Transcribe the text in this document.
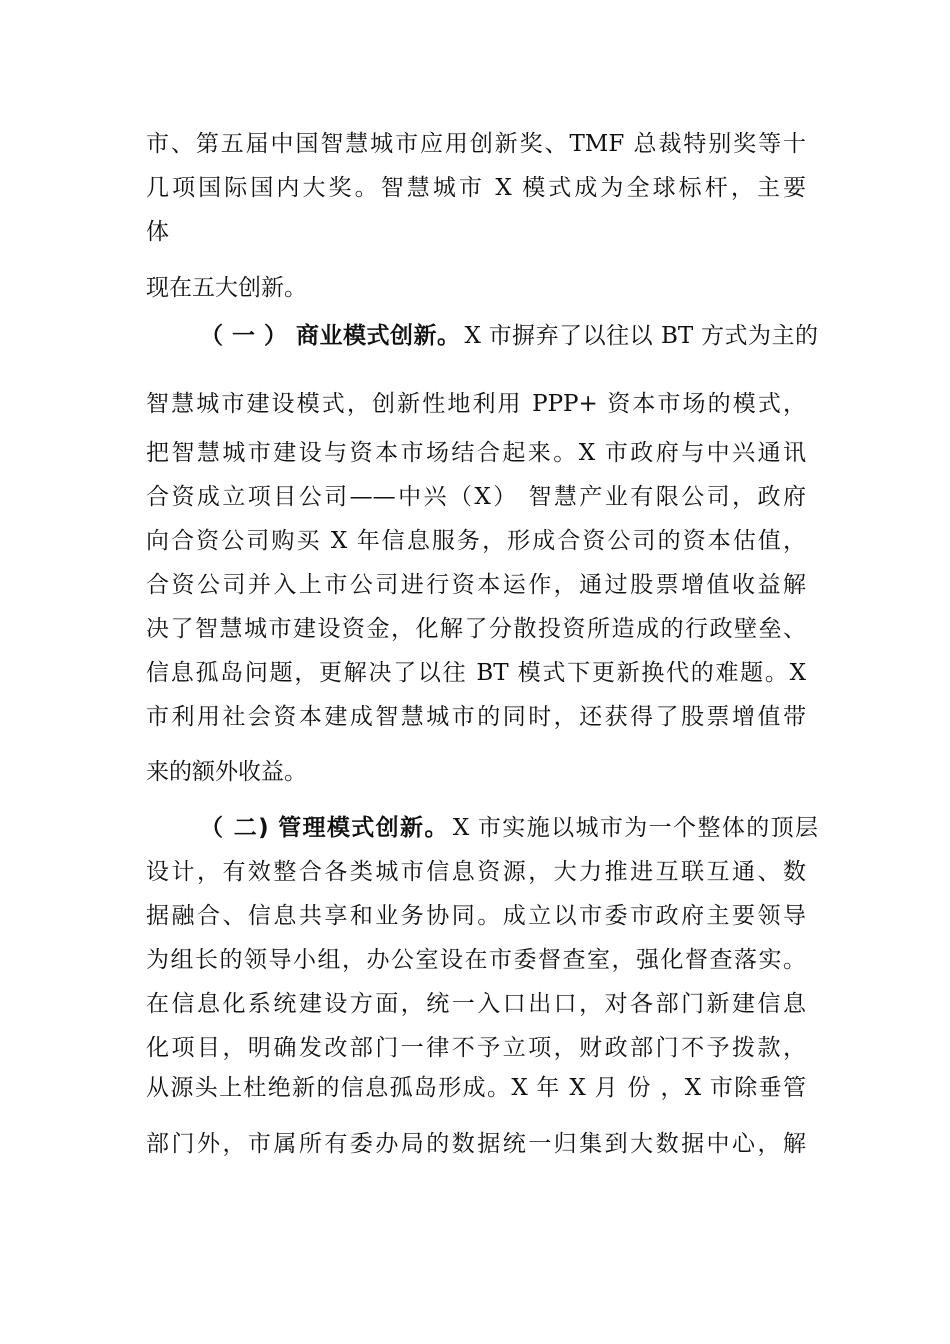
市、第五届中国智慧城市应用创新奖、TMF 总裁特别奖等十
几项国际国内大奖。智慧城市 X 模式成为全球标杆，主要
体
现在五大创新。
（ 一 ） 商业模式创新。 X 市摒弃了以往以 BT 方式为主的
智慧城市建设模式，创新性地利用 PPP+ 资本市场的模式，
把智慧城市建设与资本市场结合起来。X 市政府与中兴通讯
合资成立项目公司——中兴（X） 智慧产业有限公司，政府
向合资公司购买 X 年信息服务，形成合资公司的资本估值，
合资公司并入上市公司进行资本运作，通过股票增值收益解
决了智慧城市建设资金，化解了分散投资所造成的行政壁垒、
信息孤岛问题，更解决了以往 BT 模式下更新换代的难题。X
市利用社会资本建成智慧城市的同时，还获得了股票增值带
来的额外收益。
（ 二) 管理模式创新。 X 市实施以城市为一个整体的顶层
设计，有效整合各类城市信息资源，大力推进互联互通、数
据融合、信息共享和业务协同。成立以市委市政府主要领导
为组长的领导小组，办公室设在市委督查室，强化督查落实。
在信息化系统建设方面，统一入口出口，对各部门新建信息
化项目，明确发改部门一律不予立项，财政部门不予拨款，
从源头上杜绝新的信息孤岛形成。X 年 X 月 份 ，X 市除垂管
部门外，市属所有委办局的数据统一归集到大数据中心，解
